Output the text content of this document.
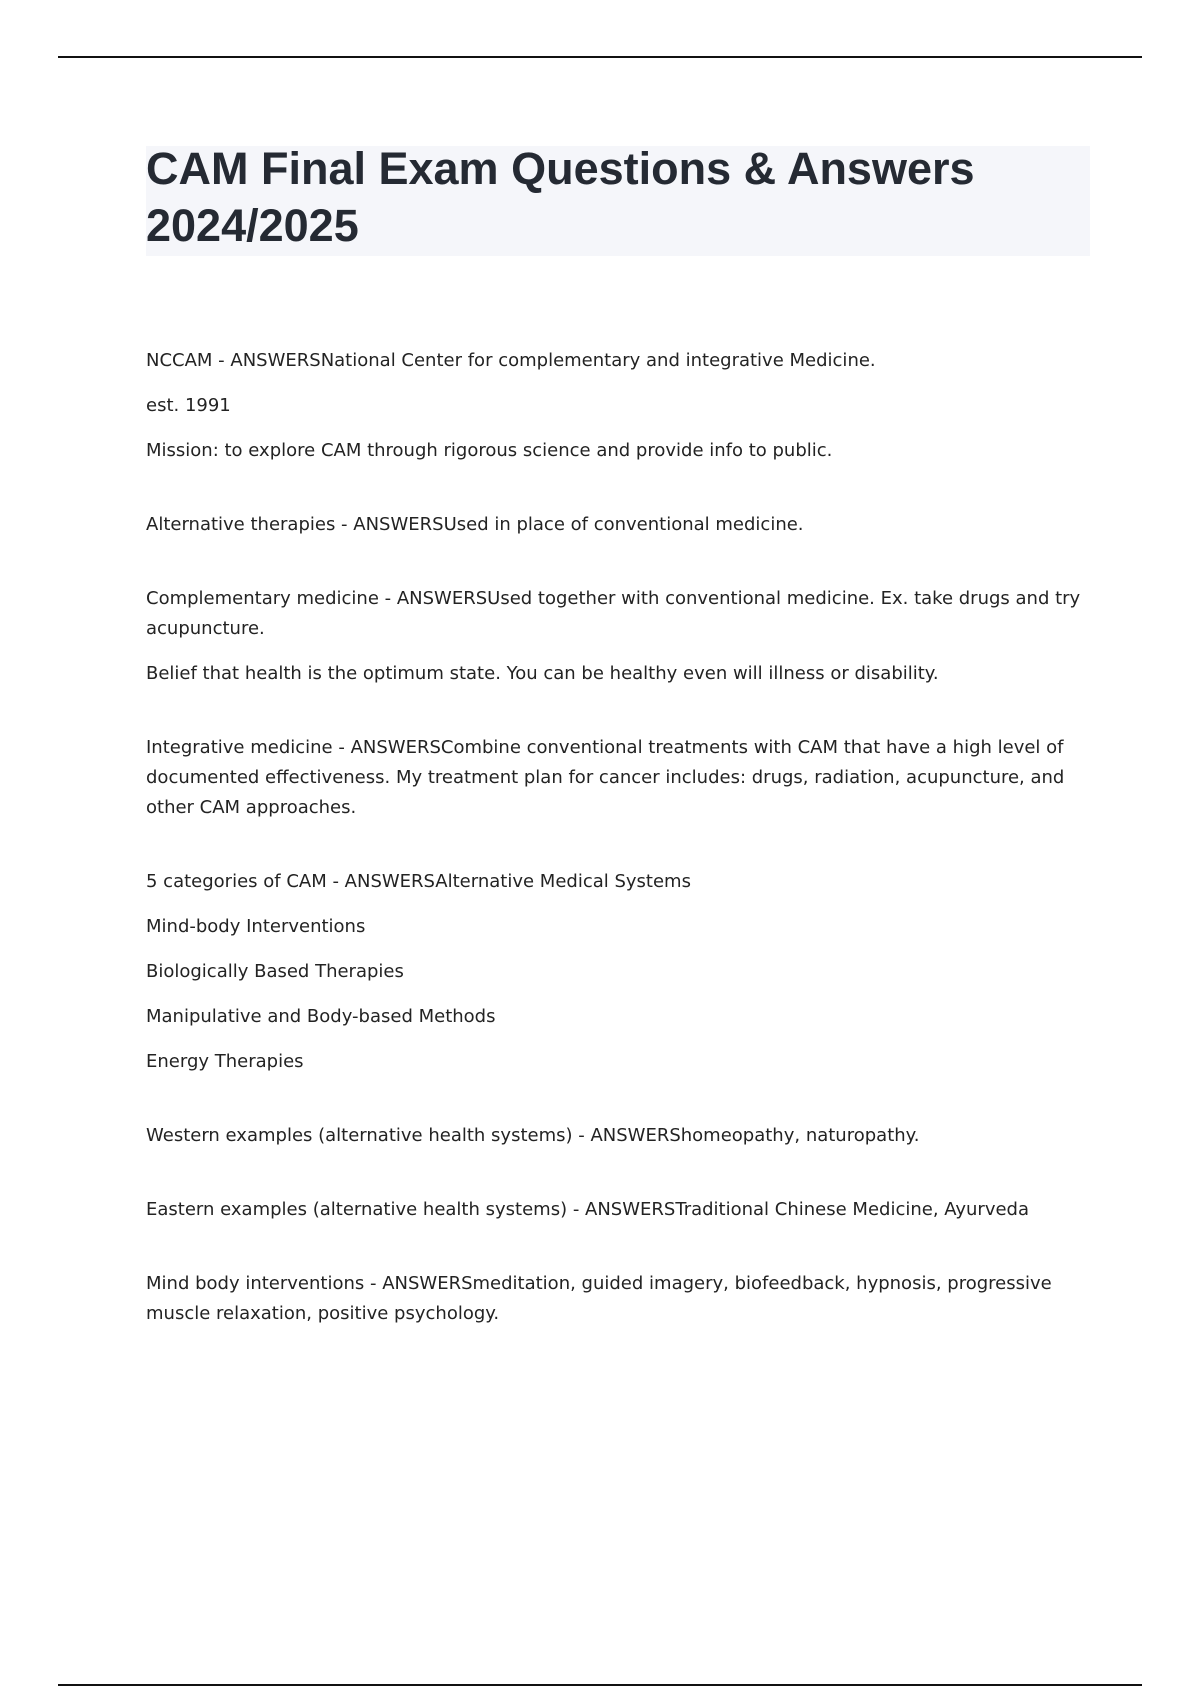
CAM Final Exam Questions & Answers 2024/2025

NCCAM - ANSWERSNational Center for complementary and integrative Medicine.

est. 1991

Mission: to explore CAM through rigorous science and provide info to public.

Alternative therapies - ANSWERSUsed in place of conventional medicine.

Complementary medicine - ANSWERSUsed together with conventional medicine. Ex. take drugs and try acupuncture.

Belief that health is the optimum state. You can be healthy even will illness or disability.

Integrative medicine - ANSWERSCombine conventional treatments with CAM that have a high level of documented effectiveness. My treatment plan for cancer includes: drugs, radiation, acupuncture, and other CAM approaches.

5 categories of CAM - ANSWERSAlternative Medical Systems

Mind-body Interventions

Biologically Based Therapies

Manipulative and Body-based Methods

Energy Therapies

Western examples (alternative health systems) - ANSWERShomeopathy, naturopathy.

Eastern examples (alternative health systems) - ANSWERSTraditional Chinese Medicine, Ayurveda

Mind body interventions - ANSWERSmeditation, guided imagery, biofeedback, hypnosis, progressive muscle relaxation, positive psychology.
